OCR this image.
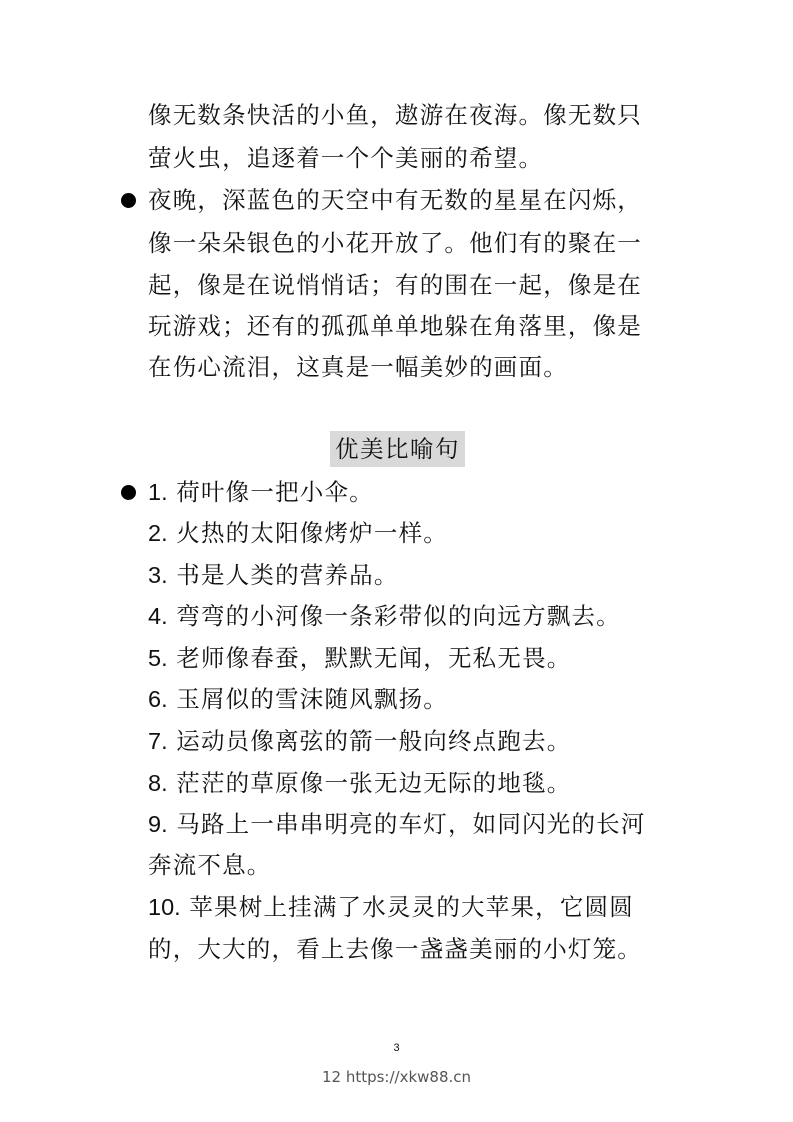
像无数条快活的小鱼，遨游在夜海。像无数只
萤火虫，追逐着一个个美丽的希望。
夜晚，深蓝色的天空中有无数的星星在闪烁，
像一朵朵银色的小花开放了。他们有的聚在一
起，像是在说悄悄话；有的围在一起，像是在
玩游戏；还有的孤孤单单地躲在角落里，像是
在伤心流泪，这真是一幅美妙的画面。
优美比喻句
1. 荷叶像一把小伞。
2. 火热的太阳像烤炉一样。
3. 书是人类的营养品。
4. 弯弯的小河像一条彩带似的向远方飘去。
5. 老师像春蚕，默默无闻，无私无畏。
6. 玉屑似的雪沫随风飘扬。
7. 运动员像离弦的箭一般向终点跑去。
8. 茫茫的草原像一张无边无际的地毯。
9. 马路上一串串明亮的车灯，如同闪光的长河
奔流不息。
10. 苹果树上挂满了水灵灵的大苹果，它圆圆
的，大大的，看上去像一盏盏美丽的小灯笼。
3
12 https://xkw88.cn
